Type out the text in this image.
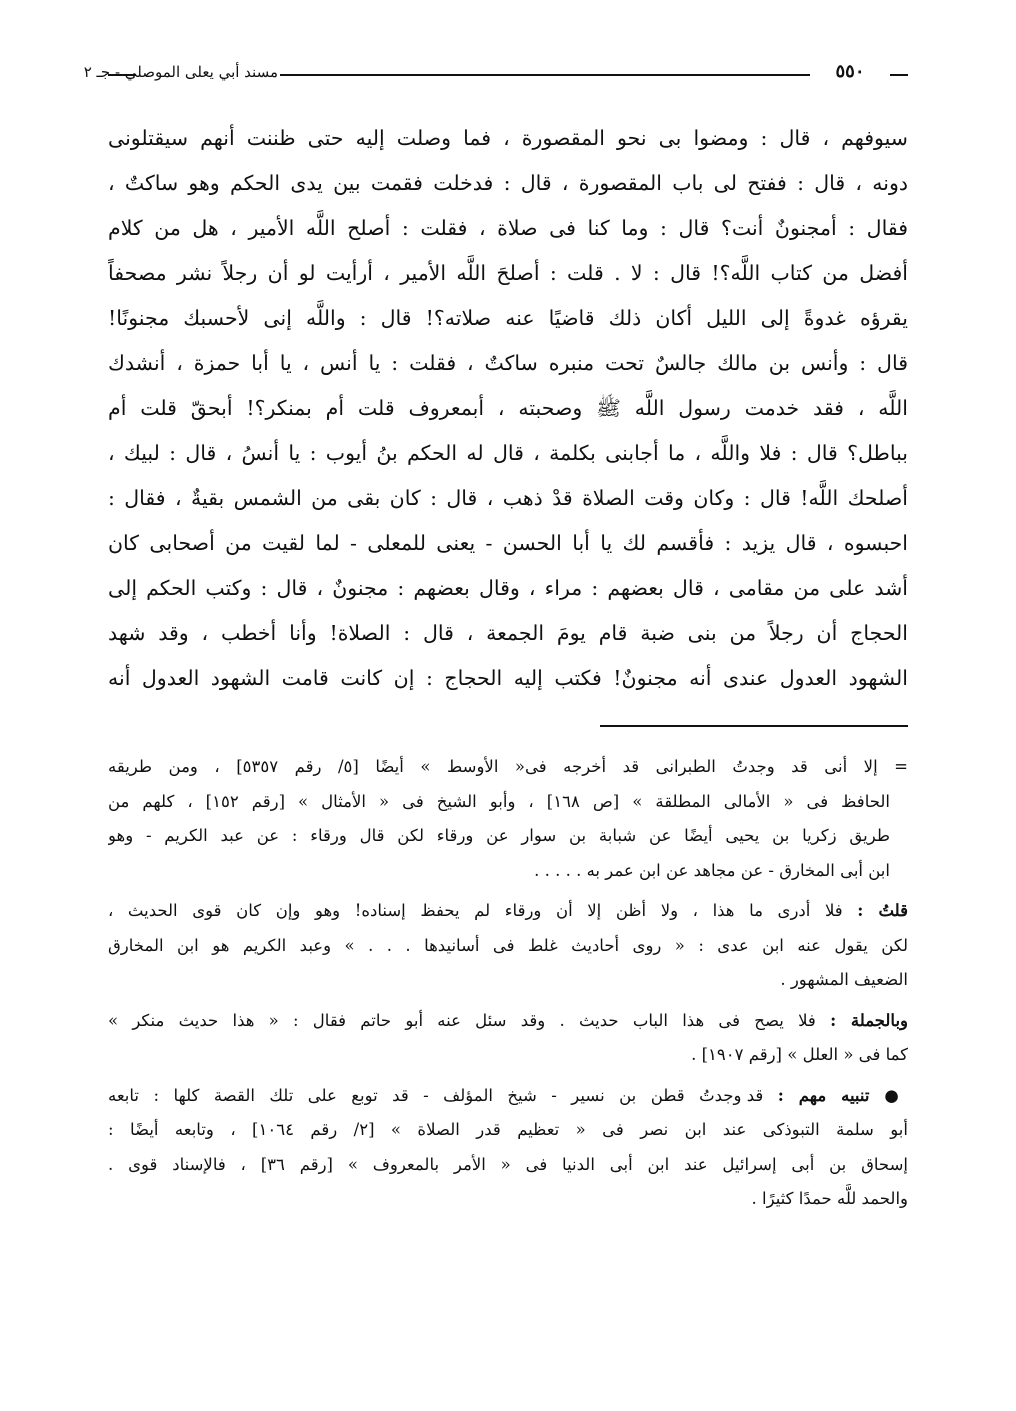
مسند أبي يعلى الموصلي - جـ ٢	٥٥٠
سيوفهم ، قال : ومضوا بى نحو المقصورة ، فما وصلت إليه حتى ظننت أنهم سيقتلونى
دونه ، قال : ففتح لى باب المقصورة ، قال : فدخلت فقمت بين يدى الحكم وهو ساكتٌ ،
فقال : أمجنونٌ أنت؟ قال : وما كنا فى صلاة ، فقلت : أصلح اللَّه الأمير ، هل من كلام
أفضل من كتاب اللَّه؟! قال : لا . قلت : أصلحَ اللَّه الأمير ، أرأيت لو أن رجلاً نشر مصحفاً
يقرؤه غدوةً إلى الليل أكان ذلك قاضيًا عنه صلاته؟! قال : واللَّه إنى لأحسبك مجنونًا!
قال : وأنس بن مالك جالسٌ تحت منبره ساكتٌ ، فقلت : يا أنس ، يا أبا حمزة ، أنشدك
اللَّه ، فقد خدمت رسول اللَّه ﷺ وصحبته ، أبمعروف قلت أم بمنكر؟! أبحقّ قلت أم
بباطل؟ قال : فلا واللَّه ، ما أجابنى بكلمة ، قال له الحكم بنُ أيوب : يا أنسُ ، قال : لبيك ،
أصلحك اللَّه! قال : وكان وقت الصلاة قدْ ذهب ، قال : كان بقى من الشمس بقيةٌ ، فقال :
احبسوه ، قال يزيد : فأقسم لك يا أبا الحسن - يعنى للمعلى - لما لقيت من أصحابى كان
أشد على من مقامى ، قال بعضهم : مراء ، وقال بعضهم : مجنونٌ ، قال : وكتب الحكم إلى
الحجاج أن رجلاً من بنى ضبة قام يومَ الجمعة ، قال : الصلاة! وأنا أخطب ، وقد شهد
الشهود العدول عندى أنه مجنونٌ! فكتب إليه الحجاج : إن كانت قامت الشهود العدول أنه
= إلا أنى قد وجدتُ الطبرانى قد أخرجه فى« الأوسط » أيضًا [٥/ رقم ٥٣٥٧] ، ومن طريقه
الحافظ فى « الأمالى المطلقة » [ص ١٦٨] ، وأبو الشيخ فى « الأمثال » [رقم ١٥٢] ، كلهم من
طريق زكريا بن يحيى أيضًا عن شبابة بن سوار عن ورقاء لكن قال ورقاء : عن عبد الكريم - وهو
ابن أبى المخارق - عن مجاهد عن ابن عمر به . . . . .
قلتُ : فلا أدرى ما هذا ، ولا أظن إلا أن ورقاء لم يحفظ إسناده! وهو وإن كان قوى الحديث ،
لكن يقول عنه ابن عدى : « روى أحاديث غلط فى أسانيدها . . . » وعبد الكريم هو ابن المخارق
الضعيف المشهور .
وبالجملة : فلا يصح فى هذا الباب حديث . وقد سئل عنه أبو حاتم فقال : « هذا حديث منكر »
كما فى « العلل » [رقم ١٩٠٧] .
● تنبيه مهم : قد وجدتُ قطن بن نسير - شيخ المؤلف - قد توبع على تلك القصة كلها : تابعه
أبو سلمة التبوذكى عند ابن نصر فى « تعظيم قدر الصلاة » [٢/ رقم ١٠٦٤] ، وتابعه أيضًا :
إسحاق بن أبى إسرائيل عند ابن أبى الدنيا فى « الأمر بالمعروف » [رقم ٣٦] ، فالإسناد قوى .
والحمد للَّه حمدًا كثيرًا .
